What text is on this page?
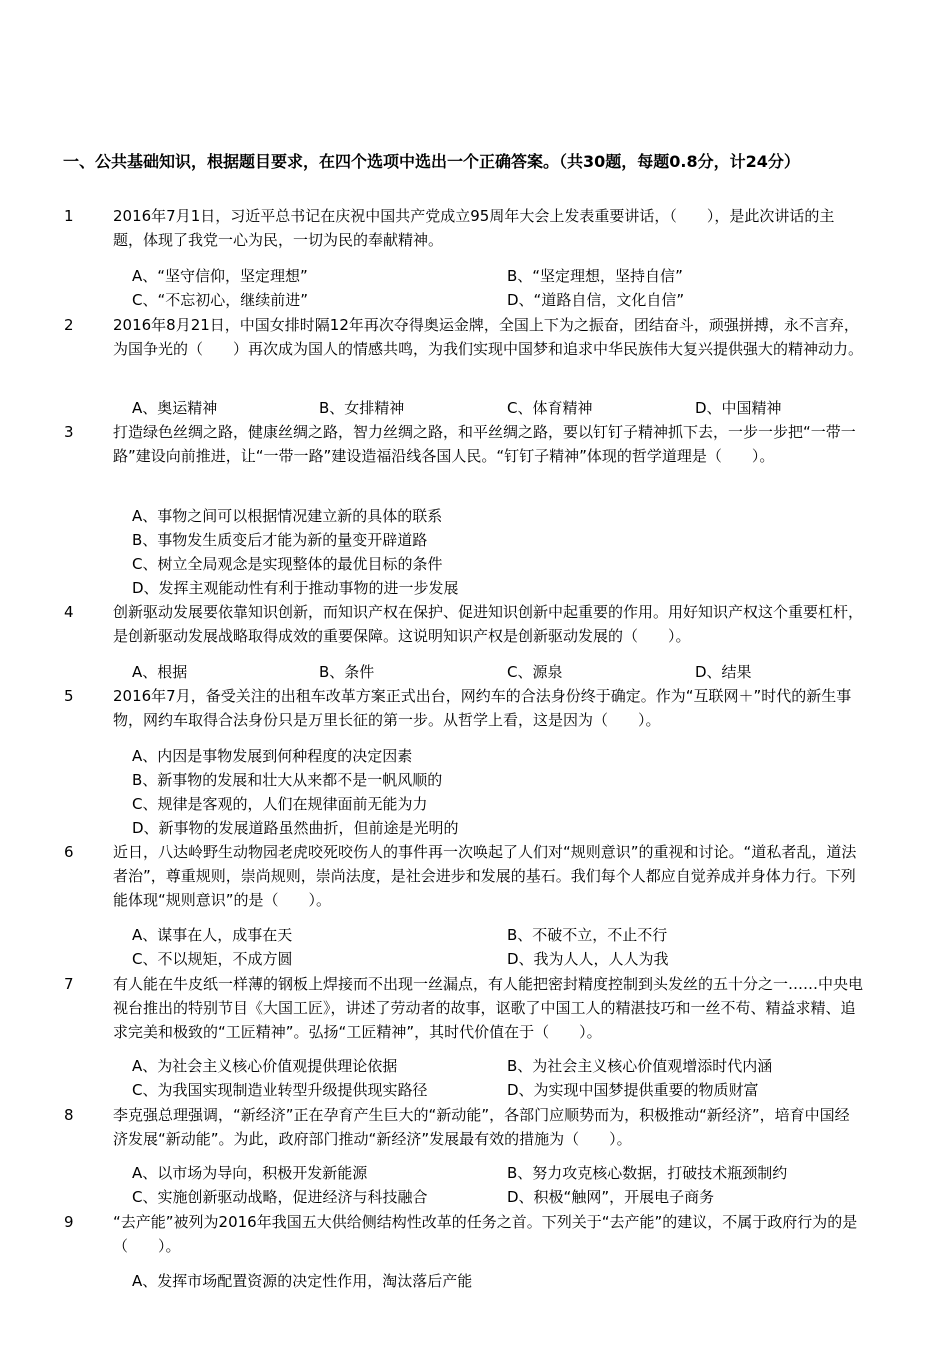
一、公共基础知识，根据题目要求，在四个选项中选出一个正确答案。（共30题，每题0.8分，计24分）
1	2016年7月1日，习近平总书记在庆祝中国共产党成立95周年大会上发表重要讲话，（　　），是此次讲话的主题，体现了我党一心为民，一切为民的奉献精神。
A、“坚守信仰，坚定理想”	B、“坚定理想，坚持自信”
C、“不忘初心，继续前进”	D、“道路自信，文化自信”
2	2016年8月21日，中国女排时隔12年再次夺得奥运金牌，全国上下为之振奋，团结奋斗，顽强拼搏，永不言弃，为国争光的（　　）再次成为国人的情感共鸣，为我们实现中国梦和追求中华民族伟大复兴提供强大的精神动力。
A、奥运精神	B、女排精神	C、体育精神	D、中国精神
3	打造绿色丝绸之路，健康丝绸之路，智力丝绸之路，和平丝绸之路，要以钉钉子精神抓下去，一步一步把“一带一路”建设向前推进，让“一带一路”建设造福沿线各国人民。“钉钉子精神”体现的哲学道理是（　　）。
A、事物之间可以根据情况建立新的具体的联系
B、事物发生质变后才能为新的量变开辟道路
C、树立全局观念是实现整体的最优目标的条件
D、发挥主观能动性有利于推动事物的进一步发展
4	创新驱动发展要依靠知识创新，而知识产权在保护、促进知识创新中起重要的作用。用好知识产权这个重要杠杆，是创新驱动发展战略取得成效的重要保障。这说明知识产权是创新驱动发展的（　　）。
A、根据	B、条件	C、源泉	D、结果
5	2016年7月，备受关注的出租车改革方案正式出台，网约车的合法身份终于确定。作为“互联网＋”时代的新生事物，网约车取得合法身份只是万里长征的第一步。从哲学上看，这是因为（　　）。
A、内因是事物发展到何种程度的决定因素
B、新事物的发展和壮大从来都不是一帆风顺的
C、规律是客观的，人们在规律面前无能为力
D、新事物的发展道路虽然曲折，但前途是光明的
6	近日，八达岭野生动物园老虎咬死咬伤人的事件再一次唤起了人们对“规则意识”的重视和讨论。“道私者乱，道法者治”，尊重规则，崇尚规则，崇尚法度，是社会进步和发展的基石。我们每个人都应自觉养成并身体力行。下列能体现“规则意识”的是（　　）。
A、谋事在人，成事在天	B、不破不立，不止不行
C、不以规矩，不成方圆	D、我为人人，人人为我
7	有人能在牛皮纸一样薄的钢板上焊接而不出现一丝漏点，有人能把密封精度控制到头发丝的五十分之一……中央电视台推出的特别节目《大国工匠》，讲述了劳动者的故事，讴歌了中国工人的精湛技巧和一丝不苟、精益求精、追求完美和极致的“工匠精神”。弘扬“工匠精神”，其时代价值在于（　　）。
A、为社会主义核心价值观提供理论依据	B、为社会主义核心价值观增添时代内涵
C、为我国实现制造业转型升级提供现实路径	D、为实现中国梦提供重要的物质财富
8	李克强总理强调，“新经济”正在孕育产生巨大的“新动能”，各部门应顺势而为，积极推动“新经济”，培育中国经济发展“新动能”。为此，政府部门推动“新经济”发展最有效的措施为（　　）。
A、以市场为导向，积极开发新能源	B、努力攻克核心数据，打破技术瓶颈制约
C、实施创新驱动战略，促进经济与科技融合	D、积极“触网”，开展电子商务
9	“去产能”被列为2016年我国五大供给侧结构性改革的任务之首。下列关于“去产能”的建议，不属于政府行为的是（　　）。
A、发挥市场配置资源的决定性作用，淘汰落后产能
